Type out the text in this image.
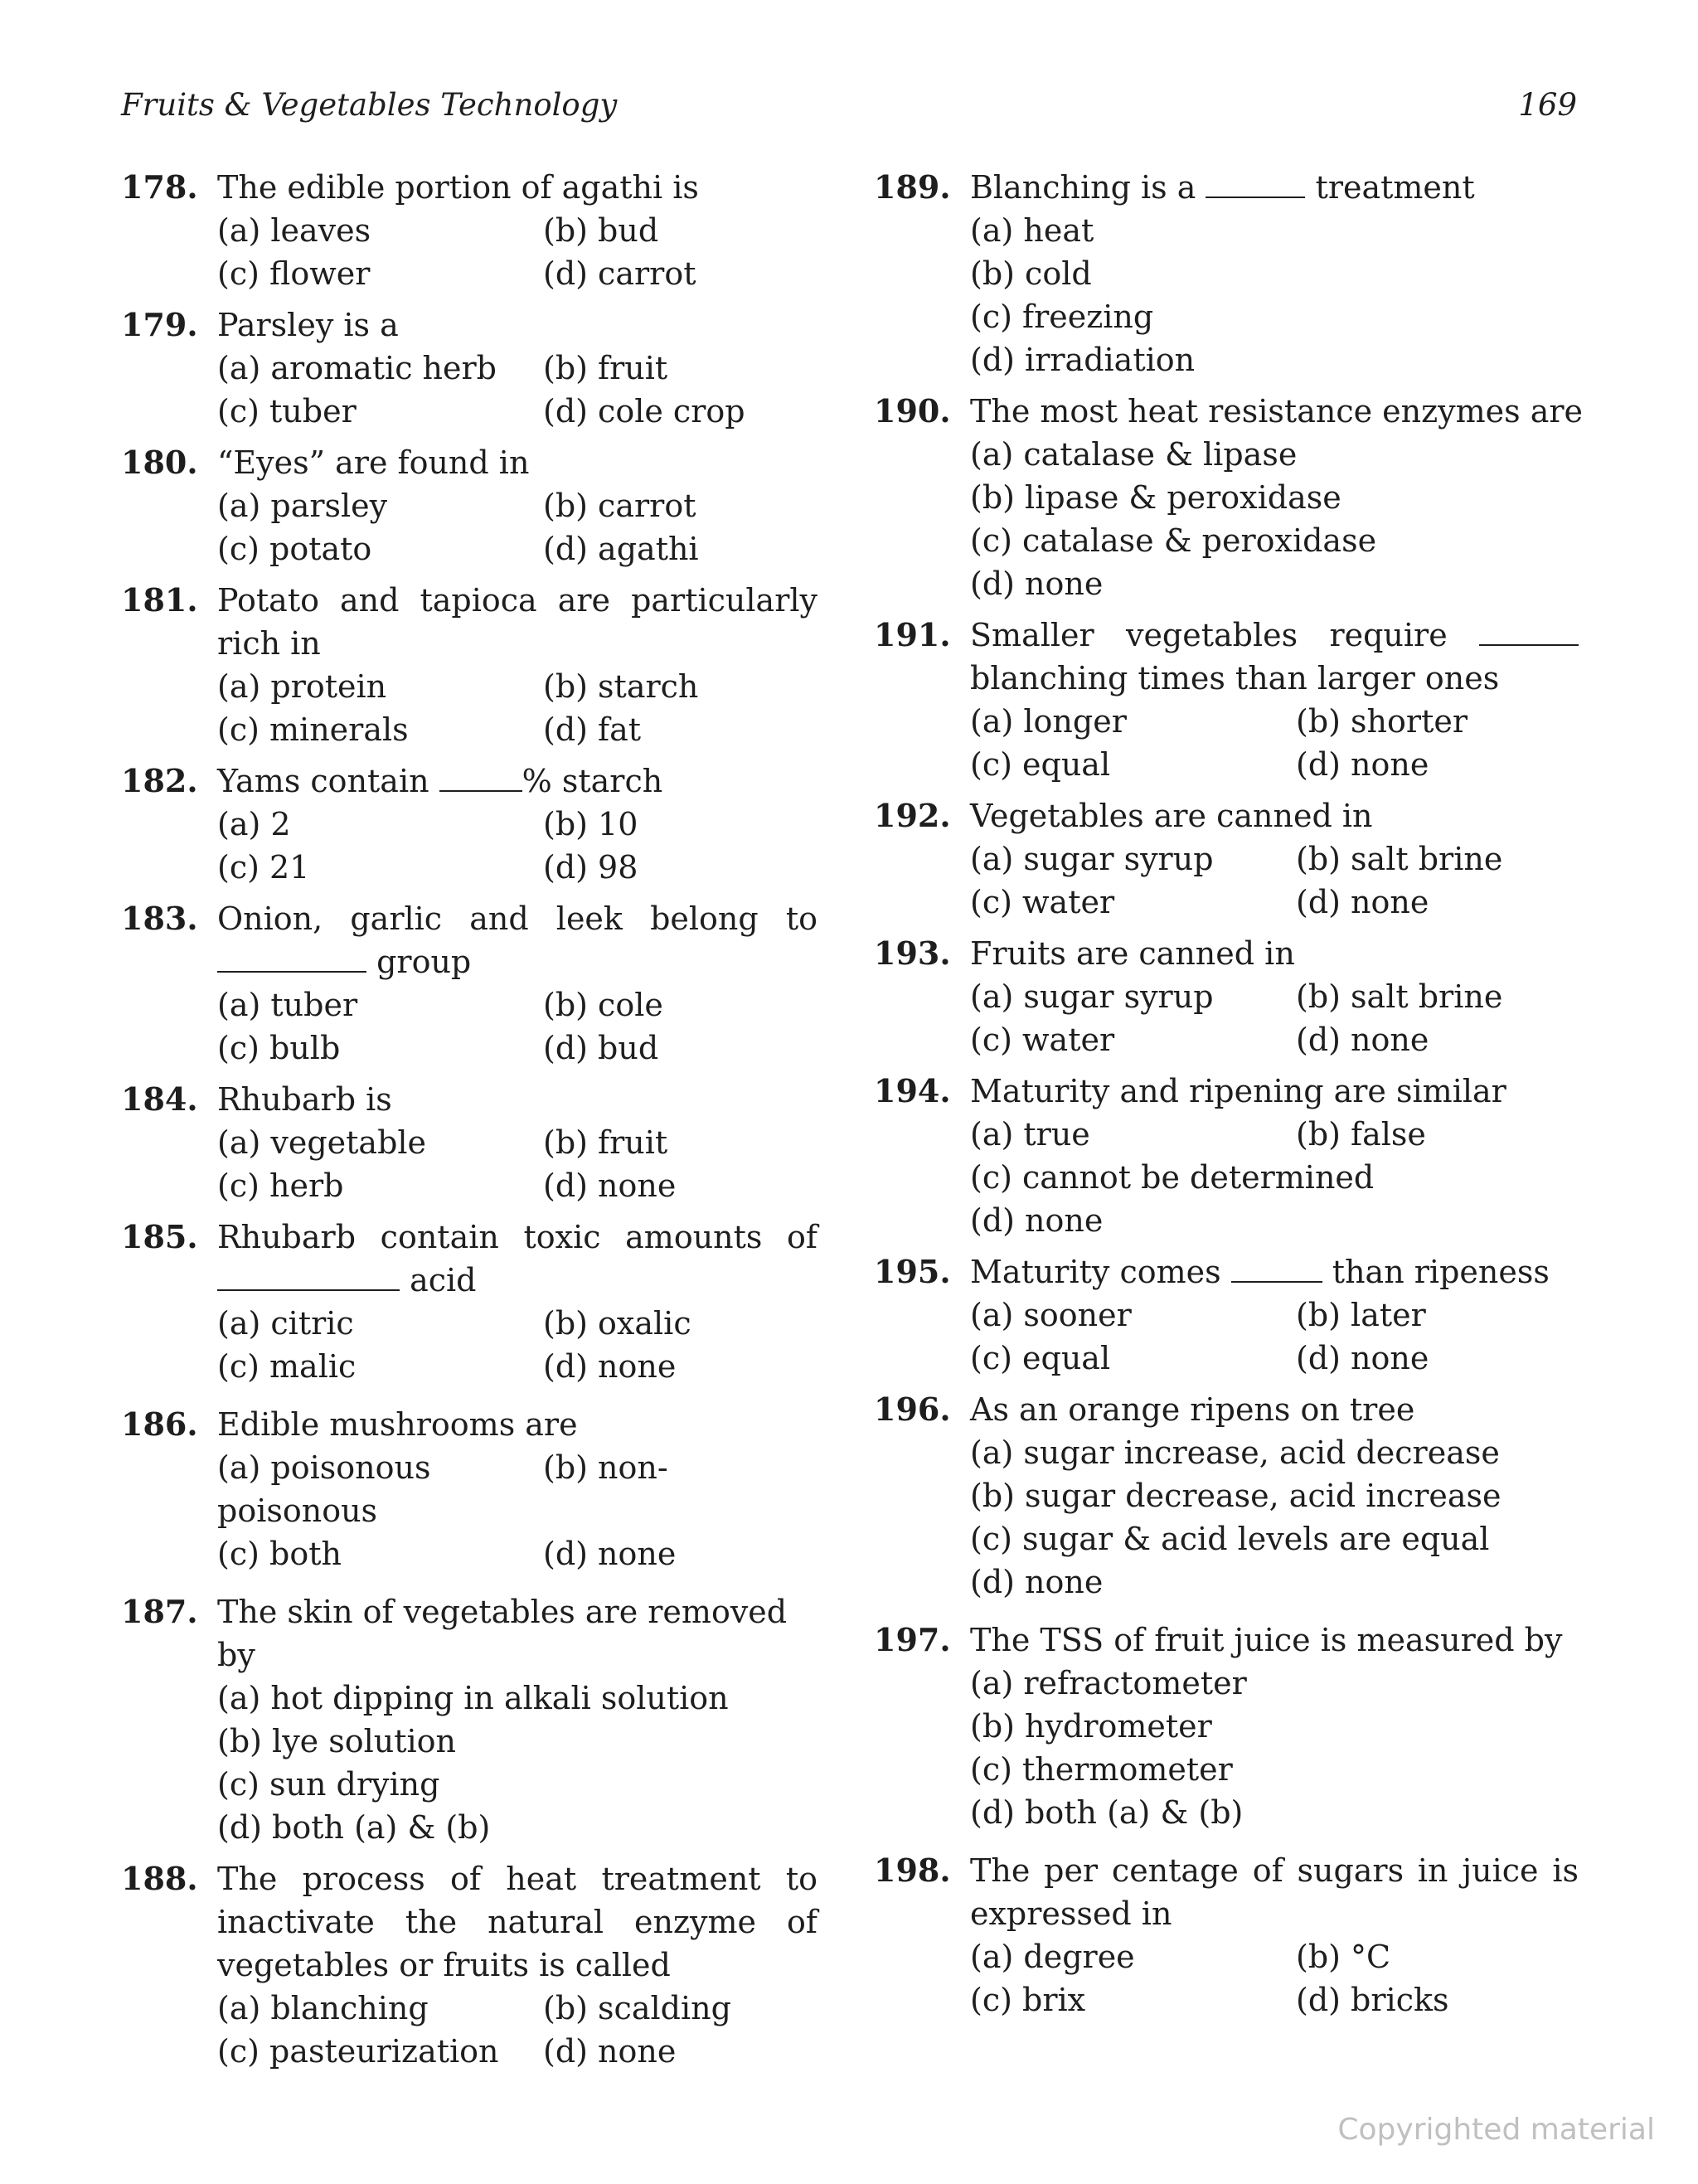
Fruits & Vegetables Technology	169
178. The edible portion of agathi is
(a) leaves	(b) bud
(c) flower	(d) carrot
179. Parsley is a
(a) aromatic herb	(b) fruit
(c) tuber	(d) cole crop
180. “Eyes” are found in
(a) parsley	(b) carrot
(c) potato	(d) agathi
181. Potato and tapioca are particularly rich in
(a) protein	(b) starch
(c) minerals	(d) fat
182. Yams contain	% starch
(a) 2	(b) 10
(c) 21	(d) 98
183. Onion, garlic and leek belong to
group
(a) tuber	(b) cole
(c) bulb	(d) bud
184. Rhubarb is
(a) vegetable	(b) fruit
(c) herb	(d) none
185. Rhubarb contain toxic amounts of
acid
(a) citric	(b) oxalic
(c) malic	(d) none
186. Edible mushrooms are
(a) poisonous	(b) non-
poisonous
(c) both	(d) none
187. The skin of vegetables are removed by
(a) hot dipping in alkali solution
(b) lye solution
(c) sun drying
(d) both (a) & (b)
188. The process of heat treatment to inactivate the natural enzyme of vegetables or fruits is called
(a) blanching	(b) scalding
(c) pasteurization	(d) none
189. Blanching is a	treatment
(a) heat
(b) cold
(c) freezing
(d) irradiation
190. The most heat resistance enzymes are
(a) catalase & lipase
(b) lipase & peroxidase
(c) catalase & peroxidase
(d) none
191. Smaller vegetables require  blanching times than larger ones
(a) longer	(b) shorter
(c) equal	(d) none
192. Vegetables are canned in
(a) sugar syrup	(b) salt brine
(c) water	(d) none
193. Fruits are canned in
(a) sugar syrup	(b) salt brine
(c) water	(d) none
194. Maturity and ripening are similar
(a) true	(b) false
(c) cannot be determined
(d) none
195. Maturity comes	than ripeness
(a) sooner	(b) later
(c) equal	(d) none
196. As an orange ripens on tree
(a) sugar increase, acid decrease
(b) sugar decrease, acid increase
(c) sugar & acid levels are equal
(d) none
197. The TSS of fruit juice is measured by
(a) refractometer
(b) hydrometer
(c) thermometer
(d) both (a) & (b)
198. The per centage of sugars in juice is expressed in
(a) degree	(b) °C
(c) brix	(d) bricks
Copyrighted material
